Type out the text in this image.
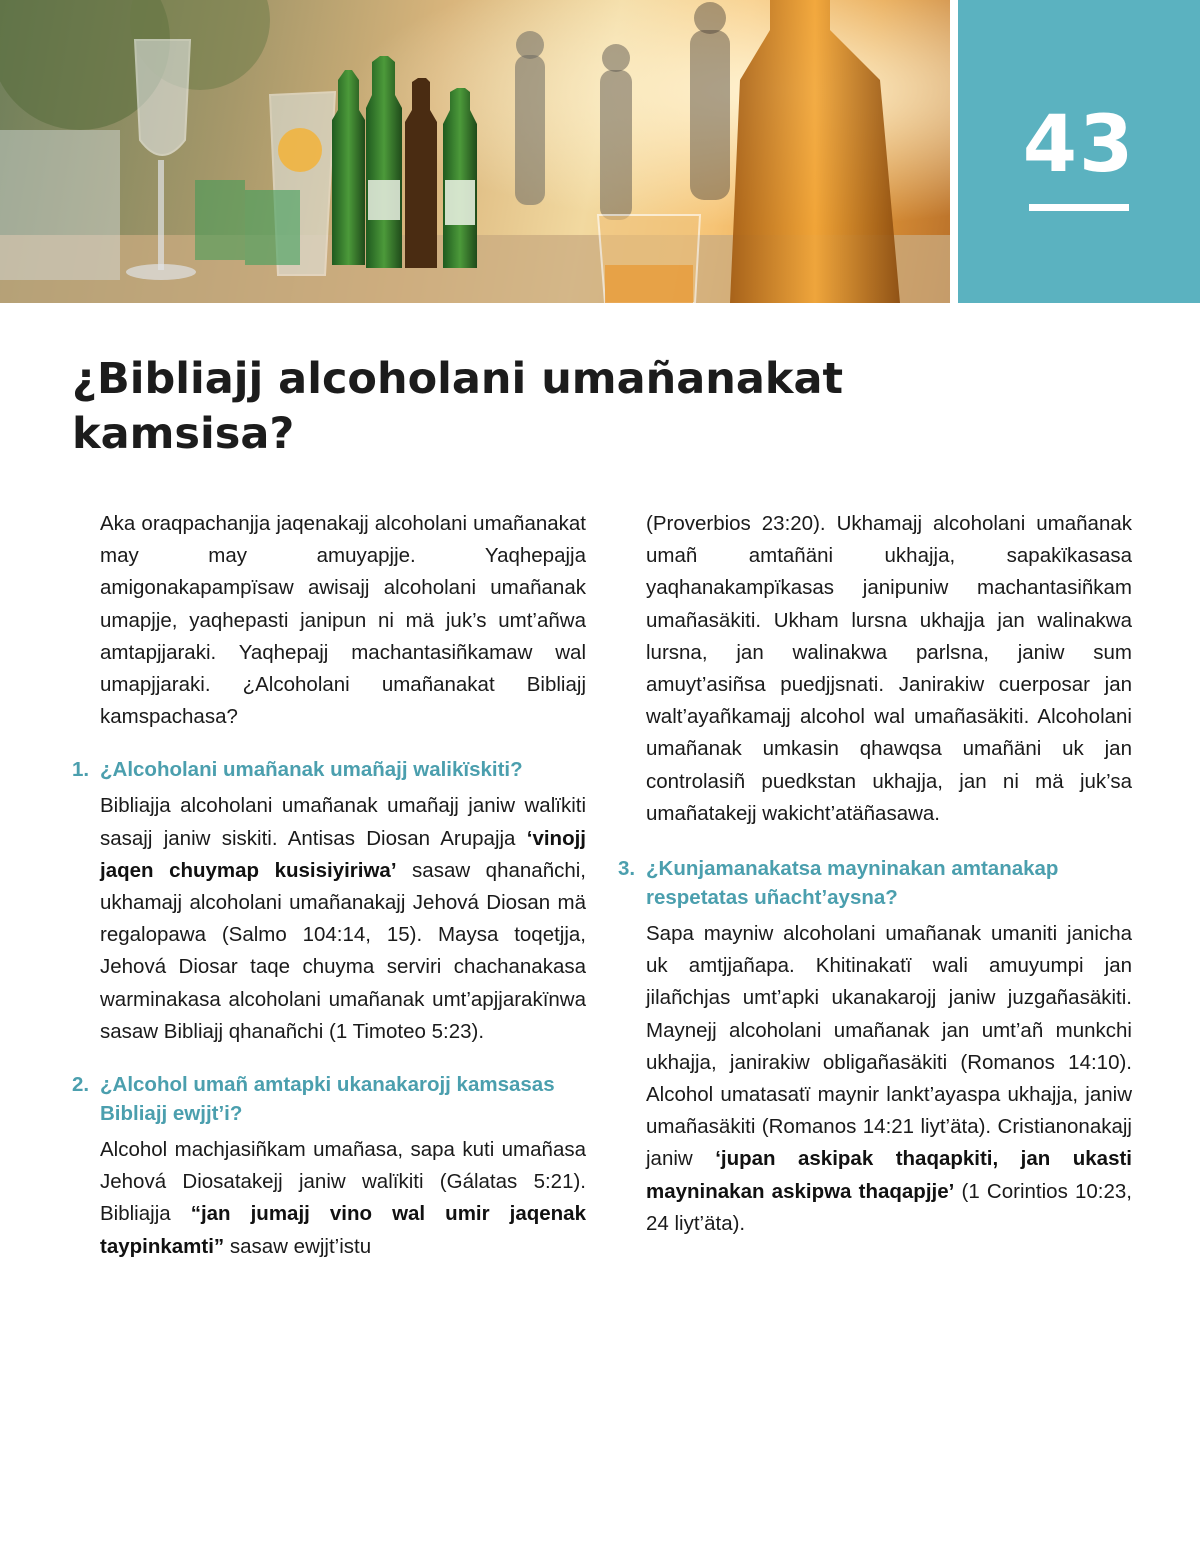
43
¿Bibliajj alcoholani umañanakat kamsisa?

Aka oraqpachanjja jaqenakajj alcoholani umañanakat may may amuyapjje. Yaqhepajja amigonakapampïsaw awisajj alcoholani umañanak umapjje, yaqhepasti janipun ni mä juk’s umt’añwa amtapjjaraki. Yaqhepajj machantasiñkamaw wal umapjjaraki. ¿Alcoholani umañanakat Bibliajj kamspachasa?

1. ¿Alcoholani umañanak umañajj walikïskiti?

Bibliajja alcoholani umañanak umañajj janiw walïkiti sasajj janiw siskiti. Antisas Diosan Arupajja ‘vinojj jaqen chuymap kusisiyiriwa’ sasaw qhanañchi, ukhamajj alcoholani umañanakajj Jehová Diosan mä regalopawa (Salmo 104:14, 15). Maysa toqetjja, Jehová Diosar taqe chuyma serviri chachanakasa warminakasa alcoholani umañanak umt’apjjarakïnwa sasaw Bibliajj qhanañchi (1 Timoteo 5:23).

2. ¿Alcohol umañ amtapki ukanakarojj kamsasas Bibliajj ewjjt’i?

Alcohol machjasiñkam umañasa, sapa kuti umañasa Jehová Diosatakejj janiw walïkiti (Gálatas 5:21). Bibliajja “jan jumajj vino wal umir jaqenak taypinkamti” sasaw ewjjt’istu

(Proverbios 23:20). Ukhamajj alcoholani umañanak umañ amtañäni ukhajja, sapakïkasasa yaqhanakampïkasas janipuniw machantasiñkam umañasäkiti. Ukham lursna ukhajja jan walinakwa lursna, jan walinakwa parlsna, janiw sum amuyt’asiñsa puedjjsnati. Janirakiw cuerposar jan walt’ayañkamajj alcohol wal umañasäkiti. Alcoholani umañanak umkasin qhawqsa umañäni uk jan controlasiñ puedkstan ukhajja, jan ni mä juk’sa umañatakejj wakicht’atäñasawa.

3. ¿Kunjamanakatsa mayninakan amtanakap respetatas uñacht’aysna?

Sapa mayniw alcoholani umañanak umaniti janicha uk amtjjañapa. Khitinakatï wali amuyumpi jan jilañchjas umt’apki ukanakarojj janiw juzgañasäkiti. Maynejj alcoholani umañanak jan umt’añ munkchi ukhajja, janirakiw obligañasäkiti (Romanos 14:10). Alcohol umatasatï maynir lankt’ayaspa ukhajja, janiw umañasäkiti (Romanos 14:21 liyt’äta). Cristianonakajj janiw ‘jupan askipak thaqapkiti, jan ukasti mayninakan askipwa thaqapjje’ (1 Corintios 10:23, 24 liyt’äta).
